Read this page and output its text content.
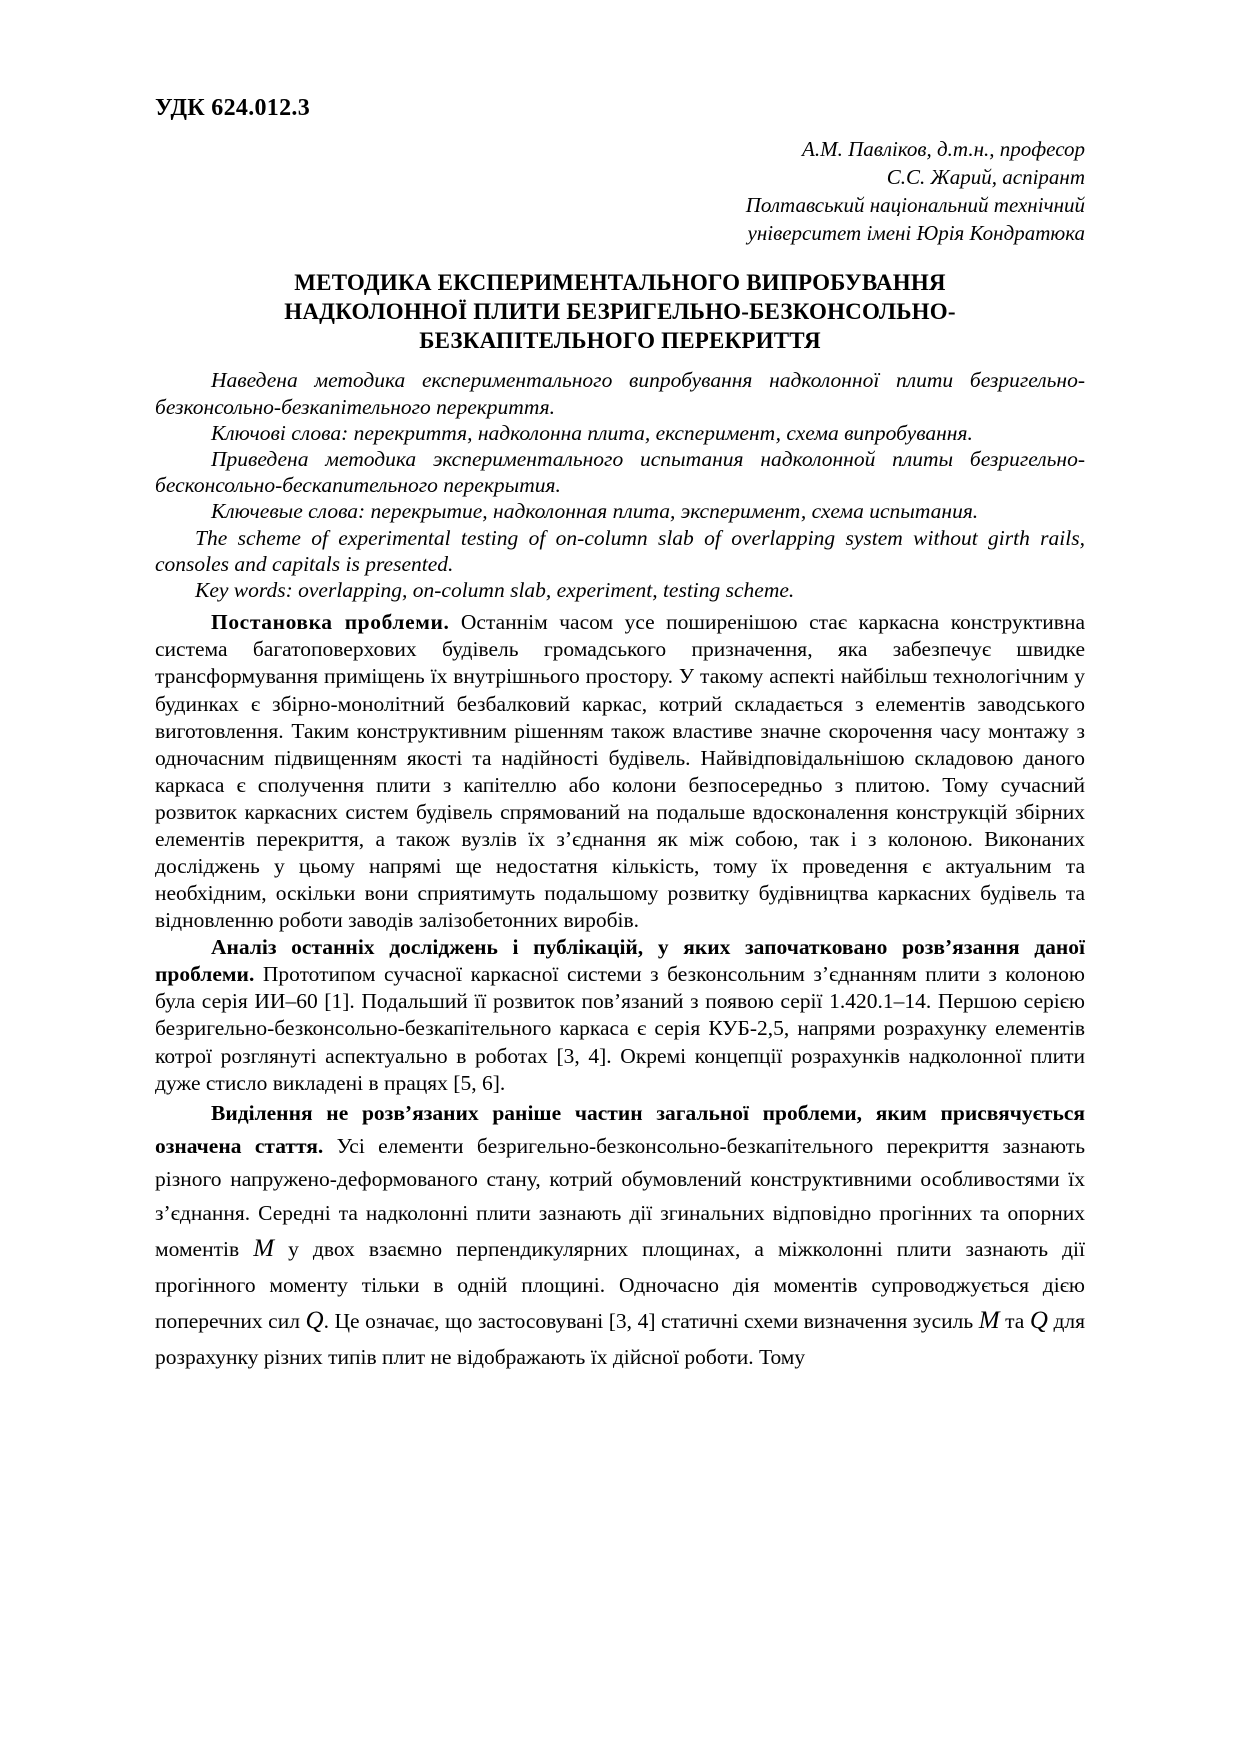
УДК 624.012.3
А.М. Павліков, д.т.н., професор
С.С. Жарий, аспірант
Полтавський національний технічний
університет імені Юрія Кондратюка
МЕТОДИКА ЕКСПЕРИМЕНТАЛЬНОГО ВИПРОБУВАННЯ
НАДКОЛОННОЇ ПЛИТИ БЕЗРИГЕЛЬНО-БЕЗКОНСОЛЬНО-
БЕЗКАПІТЕЛЬНОГО ПЕРЕКРИТТЯ

Наведена методика експериментального випробування надколонної плити безригельно-безконсольно-безкапітельного перекриття.

Ключові слова: перекриття, надколонна плита, експеримент, схема випробування.

Приведена методика экспериментального испытания надколонной плиты безригельно-бесконсольно-бескапительного перекрытия.

Ключевые слова: перекрытие, надколонная плита, эксперимент, схема испытания.

The scheme of experimental testing of on-column slab of overlapping system without girth rails, consoles and capitals is presented.

Key words: overlapping, on-column slab, experiment, testing scheme.

Постановка проблеми. Останнім часом усе поширенішою стає каркасна конструктивна система багатоповерхових будівель громадського призначення, яка забезпечує швидке трансформування приміщень їх внутрішнього простору. У такому аспекті найбільш технологічним у будинках є збірно-монолітний безбалковий каркас, котрий складається з елементів заводського виготовлення. Таким конструктивним рішенням також властиве значне скорочення часу монтажу з одночасним підвищенням якості та надійності будівель. Найвідповідальнішою складовою даного каркаса є сполучення плити з капітеллю або колони безпосередньо з плитою. Тому сучасний розвиток каркасних систем будівель спрямований на подальше вдосконалення конструкцій збірних елементів перекриття, а також вузлів їх з’єднання як між собою, так і з колоною. Виконаних досліджень у цьому напрямі ще недостатня кількість, тому їх проведення є актуальним та необхідним, оскільки вони сприятимуть подальшому розвитку будівництва каркасних будівель та відновленню роботи заводів залізобетонних виробів.

Аналіз останніх досліджень і публікацій, у яких започатковано розв’язання даної проблеми. Прототипом сучасної каркасної системи з безконсольним з’єднанням плити з колоною була серія ИИ–60 [1]. Подальший її розвиток пов’язаний з появою серії 1.420.1–14. Першою серією безригельно-безконсольно-безкапітельного каркаса є серія КУБ-2,5, напрями розрахунку елементів котрої розглянуті аспектуально в роботах [3, 4]. Окремі концепції розрахунків надколонної плити дуже стисло викладені в працях [5, 6].

Виділення не розв’язаних раніше частин загальної проблеми, яким присвячується означена стаття. Усі елементи безригельно-безконсольно-безкапітельного перекриття зазнають різного напружено-деформованого стану, котрий обумовлений конструктивними особливостями їх з’єднання. Середні та надколонні плити зазнають дії згинальних відповідно прогінних та опорних моментів M у двох взаємно перпендикулярних площинах, а міжколонні плити зазнають дії прогінного моменту тільки в одній площині. Одночасно дія моментів супроводжується дією поперечних сил Q. Це означає, що застосовувані [3, 4] статичні схеми визначення зусиль M та Q для розрахунку різних типів плит не відображають їх дійсної роботи. Тому
